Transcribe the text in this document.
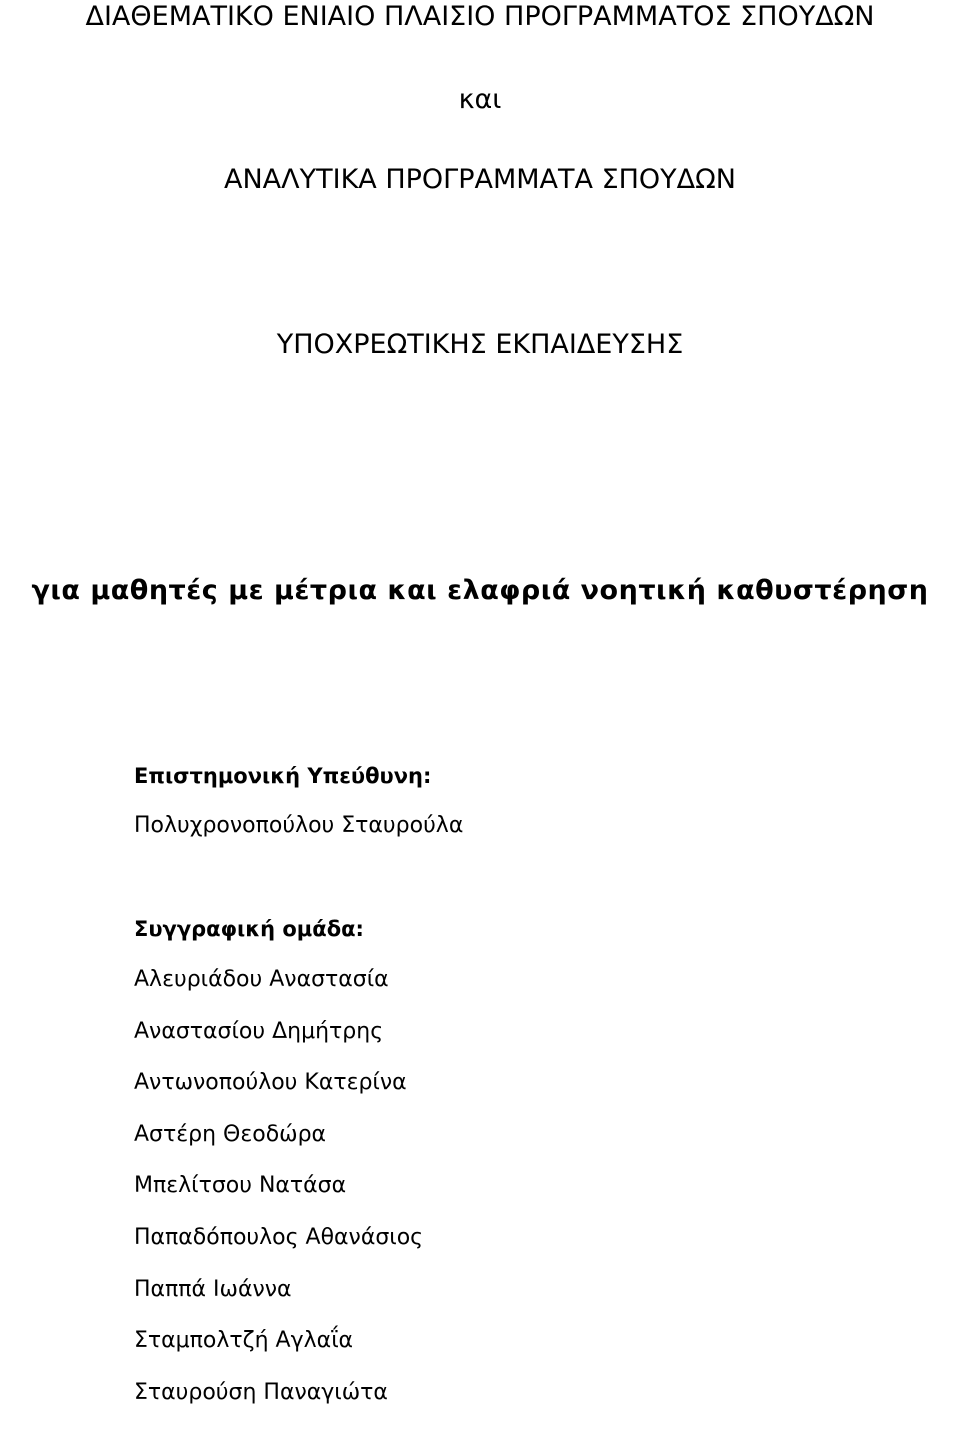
ΔΙΑΘΕΜΑΤΙΚΟ ΕΝΙΑΙΟ ΠΛΑΙΣΙΟ ΠΡΟΓΡΑΜΜΑΤΟΣ ΣΠΟΥΔΩΝ
και
ΑΝΑΛΥΤΙΚΑ ΠΡΟΓΡΑΜΜΑΤΑ ΣΠΟΥΔΩΝ
ΥΠΟΧΡΕΩΤΙΚΗΣ ΕΚΠΑΙΔΕΥΣΗΣ
για μαθητές με μέτρια και ελαφριά νοητική καθυστέρηση
Επιστημονική Υπεύθυνη:
Πολυχρονοπούλου Σταυρούλα
Συγγραφική ομάδα:
Αλευριάδου Αναστασία
Αναστασίου Δημήτρης
Αντωνοπούλου Κατερίνα
Αστέρη Θεοδώρα
Μπελίτσου Νατάσα
Παπαδόπουλος Αθανάσιος
Παππά Ιωάννα
Σταμπολτζή Αγλαΐα
Σταυρούση Παναγιώτα
